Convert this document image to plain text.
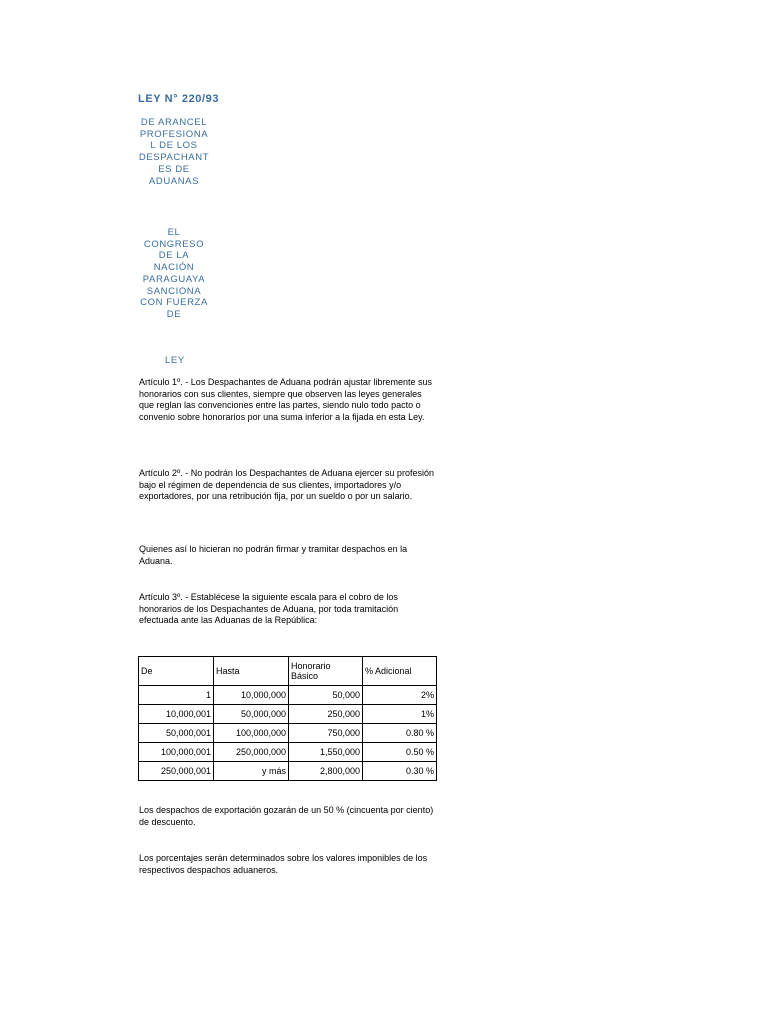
LEY N° 220/93
DE ARANCEL
PROFESIONA
L DE LOS
DESPACHANT
ES DE
ADUANAS
EL
CONGRESO
DE LA
NACIÓN
PARAGUAYA
SANCIONA
CON FUERZA
DE
LEY
Artículo 1º. - Los Despachantes de Aduana podrán ajustar libremente sus honorarios con sus clientes, siempre que observen las leyes generales que reglan las convenciones entre las partes, siendo nulo todo pacto o convenio sobre honorarios por una suma inferior a la fijada en esta Ley.
Artículo 2º. - No podrán los Despachantes de Aduana ejercer su profesión bajo el régimen de dependencia de sus clientes, importadores y/o exportadores, por una retribución fija, por un sueldo o por un salario.
Quienes así lo hicieran no podrán firmar y tramitar despachos en la Aduana.
Artículo 3º. - Establécese la siguiente escala para el cobro de los honorarios de los Despachantes de Aduana, por toda tramitación efectuada ante las Aduanas de la República:
De	Hasta	Honorario Básico	% Adicional
1	10,000,000	50,000	2%
10,000,001	50,000,000	250,000	1%
50,000,001	100,000,000	750,000	0.80 %
100,000,001	250,000,000	1,550,000	0.50 %
250,000,001	y más	2,800,000	0.30 %
Los despachos de exportación gozarán de un 50 % (cincuenta por ciento) de descuento.
Los porcentajes serán determinados sobre los valores imponibles de los respectivos despachos aduaneros.
